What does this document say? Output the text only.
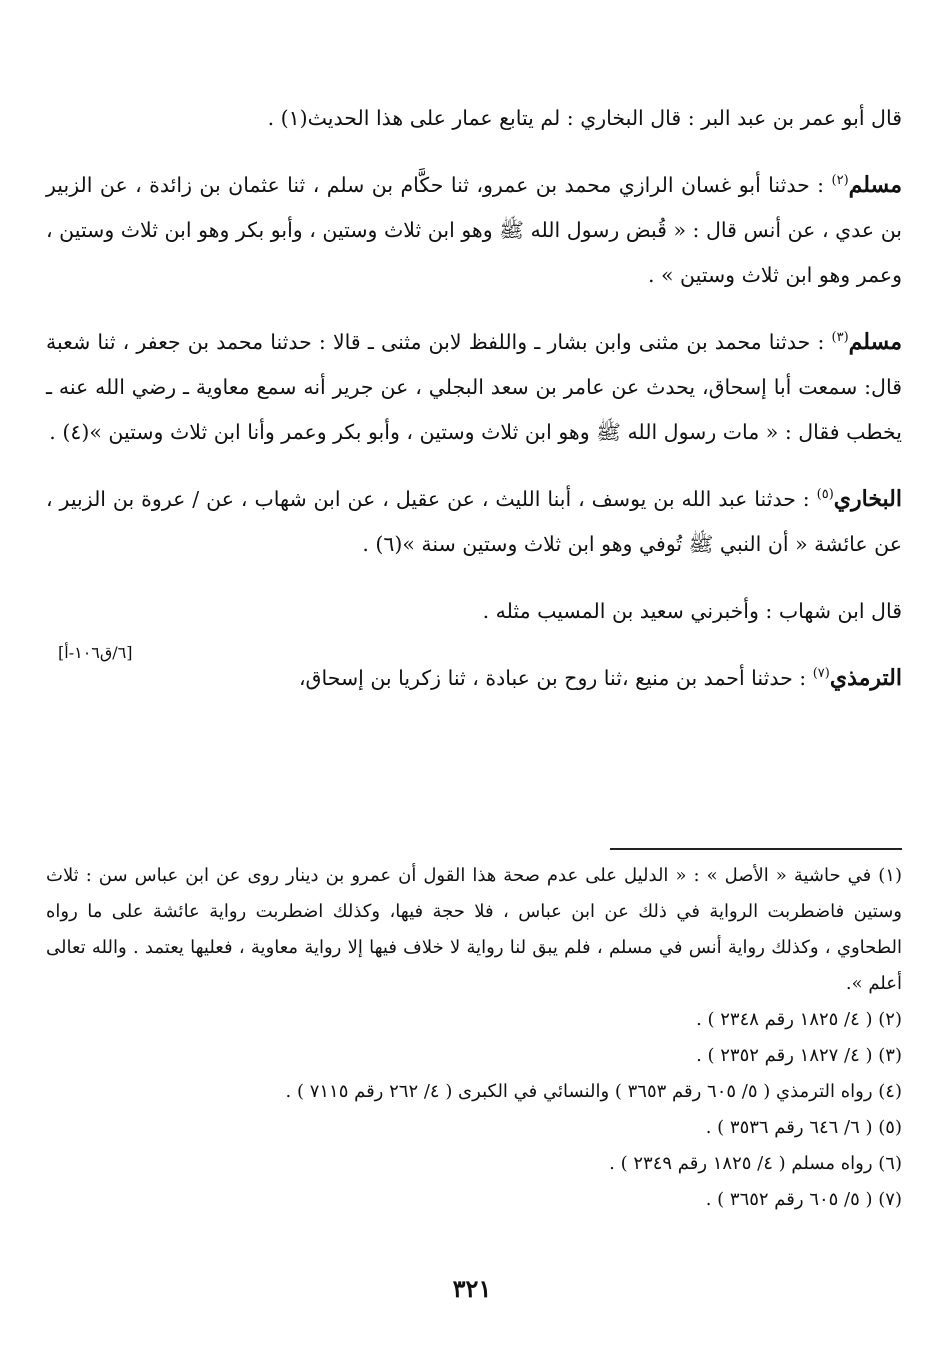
قال أبو عمر بن عبد البر : قال البخاري : لم يتابع عمار على هذا الحديث(١) .

مسلم$^{(٢)}$ : حدثنا أبو غسان الرازي محمد بن عمرو، ثنا حكَّام بن سلم ، ثنا عثمان بن زائدة ، عن الزبير بن عدي ، عن أنس قال : « قُبض رسول الله ﷺ وهو ابن ثلاث وستين ، وأبو بكر وهو ابن ثلاث وستين ، وعمر وهو ابن ثلاث وستين » .

مسلم$^{(٣)}$ : حدثنا محمد بن مثنى وابن بشار ـ واللفظ لابن مثنى ـ قالا : حدثنا محمد بن جعفر ، ثنا شعبة قال: سمعت أبا إسحاق، يحدث عن عامر بن سعد البجلي ، عن جرير أنه سمع معاوية ـ رضي الله عنه ـ يخطب فقال : « مات رسول الله ﷺ وهو ابن ثلاث وستين ، وأبو بكر وعمر وأنا ابن ثلاث وستين »(٤) .

البخاري$^{(٥)}$ : حدثنا عبد الله بن يوسف ، أبنا الليث ، عن عقيل ، عن ابن شهاب ، عن / عروة بن الزبير ، عن عائشة « أن النبي ﷺ تُوفي وهو ابن ثلاث وستين سنة »(٦) .

قال ابن شهاب : وأخبرني سعيد بن المسيب مثله .

الترمذي$^{(٧)}$ : حدثنا أحمد بن منيع ،ثنا روح بن عبادة ، ثنا زكريا بن إسحاق،

[٦/ق١٠٦-أ]

(١) في حاشية « الأصل » : « الدليل على عدم صحة هذا القول أن عمرو بن دينار روى عن ابن عباس سن : ثلاث وستين فاضطربت الرواية في ذلك عن ابن عباس ، فلا حجة فيها، وكذلك اضطربت رواية عائشة على ما رواه الطحاوي ، وكذلك رواية أنس في مسلم ، فلم يبق لنا رواية لا خلاف فيها إلا رواية معاوية ، فعليها يعتمد . والله تعالى أعلم ».

(٢) ( ٤/ ١٨٢٥ رقم ٢٣٤٨ ) .

(٣) ( ٤/ ١٨٢٧ رقم ٢٣٥٢ ) .

(٤) رواه الترمذي ( ٥/ ٦٠٥ رقم ٣٦٥٣ ) والنسائي في الكبرى ( ٤/ ٢٦٢ رقم ٧١١٥ ) .

(٥) ( ٦/ ٦٤٦ رقم ٣٥٣٦ ) .

(٦) رواه مسلم ( ٤/ ١٨٢٥ رقم ٢٣٤٩ ) .

(٧) ( ٥/ ٦٠٥ رقم ٣٦٥٢ ) .

٣٢١
